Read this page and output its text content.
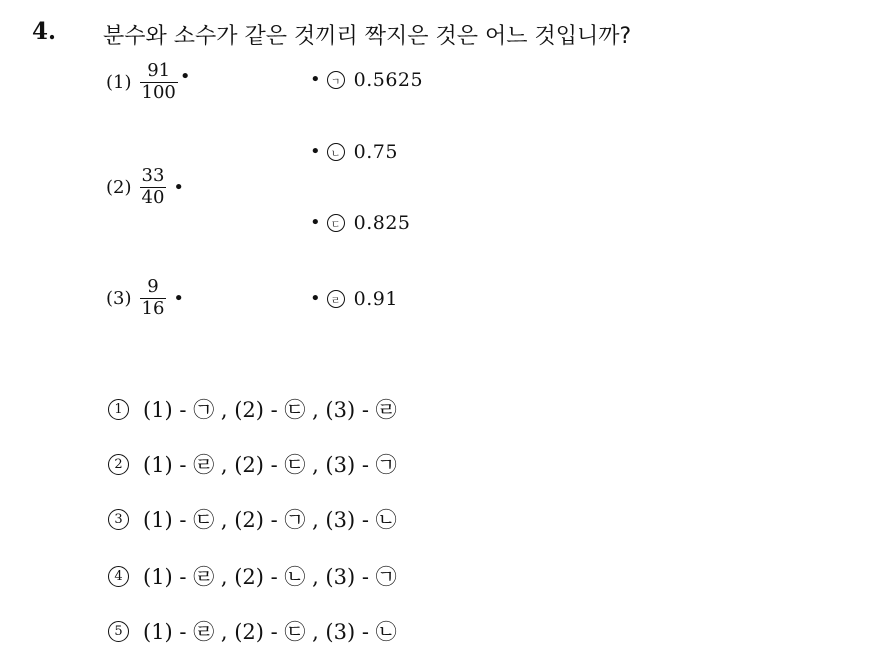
4. 분수와 소수가 같은 것끼리 짝지은 것은 어느 것입니까?
$(1) \frac{91}{100}$ •
$(2) \frac{33}{40}$ •
$(3) \frac{9}{16}$ •
•	ㄱ 0.5625
•	ㄴ 0.75
•	ㄷ 0.825
•	ㄹ 0.91
1 (1) - ㉠ , (2) - ㉢ , (3) - ㉣
2 (1) - ㉣ , (2) - ㉢ , (3) - ㉠
3 (1) - ㉢ , (2) - ㉠ , (3) - ㉡
4 (1) - ㉣ , (2) - ㉡ , (3) - ㉠
5 (1) - ㉣ , (2) - ㉢ , (3) - ㉡
